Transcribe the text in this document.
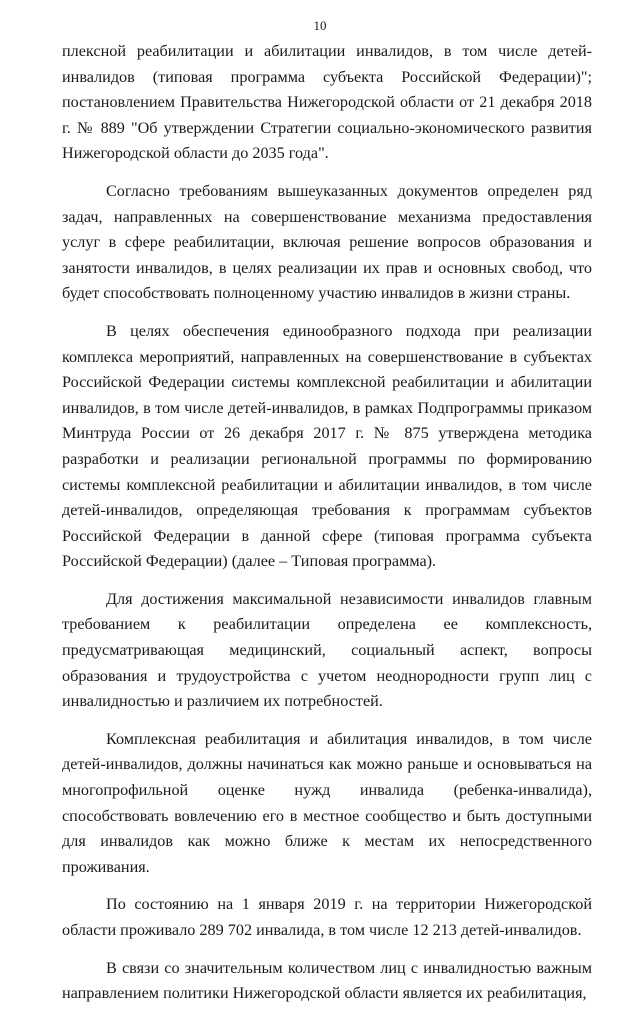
10

плексной реабилитации и абилитации инвалидов, в том числе детей-инвалидов (типовая программа субъекта Российской Федерации)"; постановлением Правительства Нижегородской области от 21 декабря 2018 г. № 889 "Об утверждении Стратегии социально-экономического развития Нижегородской области до 2035 года".

Согласно требованиям вышеуказанных документов определен ряд задач, направленных на совершенствование механизма предоставления услуг в сфере реабилитации, включая решение вопросов образования и занятости инвалидов, в целях реализации их прав и основных свобод, что будет способствовать полноценному участию инвалидов в жизни страны.

В целях обеспечения единообразного подхода при реализации комплекса мероприятий, направленных на совершенствование в субъектах Российской Федерации системы комплексной реабилитации и абилитации инвалидов, в том числе детей-инвалидов, в рамках Подпрограммы приказом Минтруда России от 26 декабря 2017 г. № 875 утверждена методика разработки и реализации региональной программы по формированию системы комплексной реабилитации и абилитации инвалидов, в том числе детей-инвалидов, определяющая требования к программам субъектов Российской Федерации в данной сфере (типовая программа субъекта Российской Федерации) (далее – Типовая программа).

Для достижения максимальной независимости инвалидов главным требованием к реабилитации определена ее комплексность, предусматривающая медицинский, социальный аспект, вопросы образования и трудоустройства с учетом неоднородности групп лиц с инвалидностью и различием их потребностей.

Комплексная реабилитация и абилитация инвалидов, в том числе детей-инвалидов, должны начинаться как можно раньше и основываться на многопрофильной оценке нужд инвалида (ребенка-инвалида), способствовать вовлечению его в местное сообщество и быть доступными для инвалидов как можно ближе к местам их непосредственного проживания.

По состоянию на 1 января 2019 г. на территории Нижегородской области проживало 289 702 инвалида, в том числе 12 213 детей-инвалидов.

В связи со значительным количеством лиц с инвалидностью важным направлением политики Нижегородской области является их реабилитация,
